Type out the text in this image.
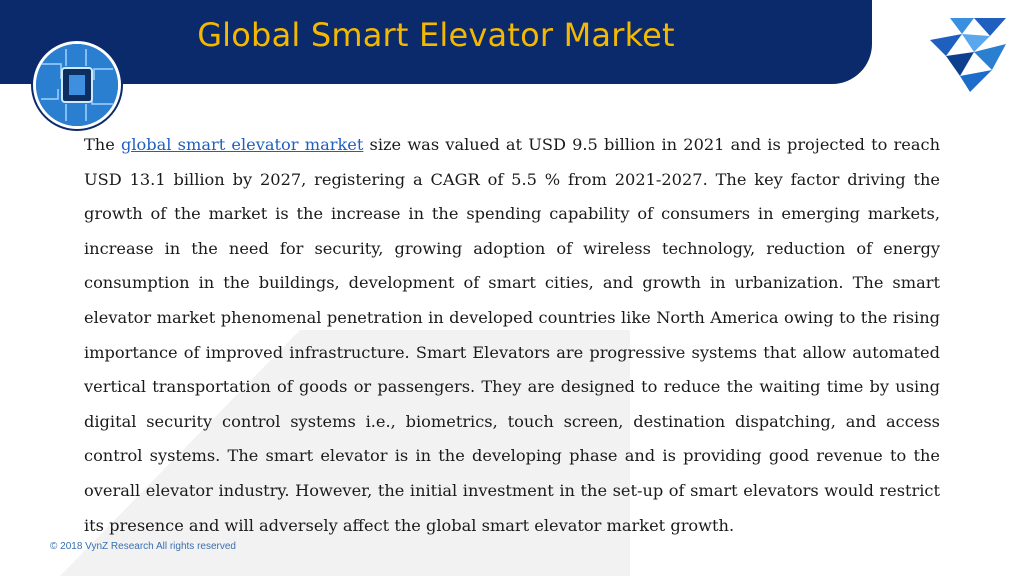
Global Smart Elevator Market
The global smart elevator market size was valued at USD 9.5 billion in 2021 and is projected to reach USD 13.1 billion by 2027, registering a CAGR of 5.5 % from 2021-2027. The key factor driving the growth of the market is the increase in the spending capability of consumers in emerging markets, increase in the need for security, growing adoption of wireless technology, reduction of energy consumption in the buildings, development of smart cities, and growth in urbanization. The smart elevator market phenomenal penetration in developed countries like North America owing to the rising importance of improved infrastructure. Smart Elevators are progressive systems that allow automated vertical transportation of goods or passengers. They are designed to reduce the waiting time by using digital security control systems i.e., biometrics, touch screen, destination dispatching, and access control systems. The smart elevator is in the developing phase and is providing good revenue to the overall elevator industry. However, the initial investment in the set-up of smart elevators would restrict its presence and will adversely affect the global smart elevator market growth.
© 2018 VynZ Research All rights reserved
